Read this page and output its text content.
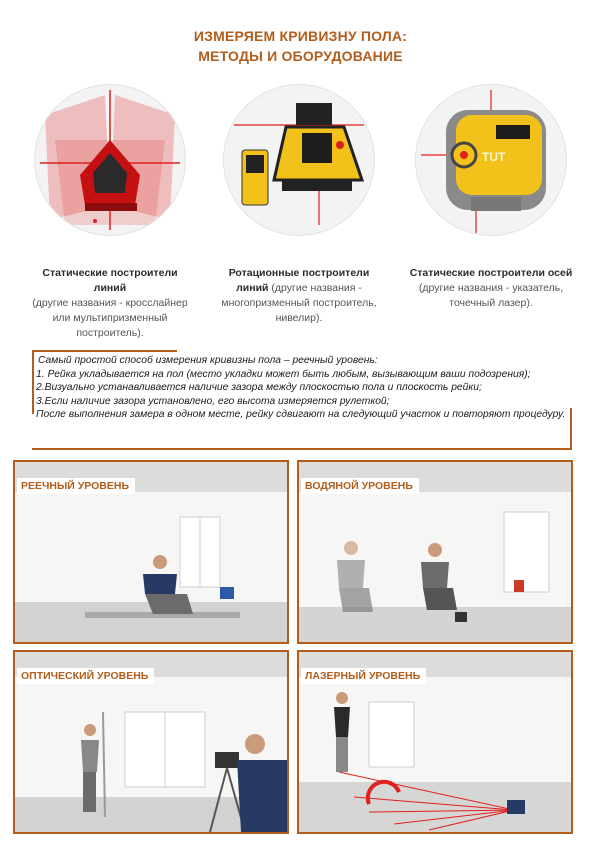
ИЗМЕРЯЕМ КРИВИЗНУ ПОЛА:
МЕТОДЫ И ОБОРУДОВАНИЕ
Статические построители линий
(другие названия - кросслайнер или мультипризменный построитель).
Ротационные построители
линий (другие названия - многопризменный построитель, нивелир).
TUT
Статические построители осей
(другие названия - указатель, точечный лазер).
Самый простой способ измерения кривизны пола – реечный уровень:
1. Рейка укладывается на пол (место укладки может быть любым, вызывающим ваши подозрения);
2.Визуально устанавливается наличие зазора между плоскостью пола и плоскость рейки;
3.Если наличие зазора установлено, его высота измеряется рулеткой;
После выполнения замера в одном месте, рейку сдвигают на следующий участок и повторяют процедуру.
РЕЕЧНЫЙ УРОВЕНЬ	ВОДЯНОЙ УРОВЕНЬ
ОПТИЧЕСКИЙ УРОВЕНЬ	ЛАЗЕРНЫЙ УРОВЕНЬ
